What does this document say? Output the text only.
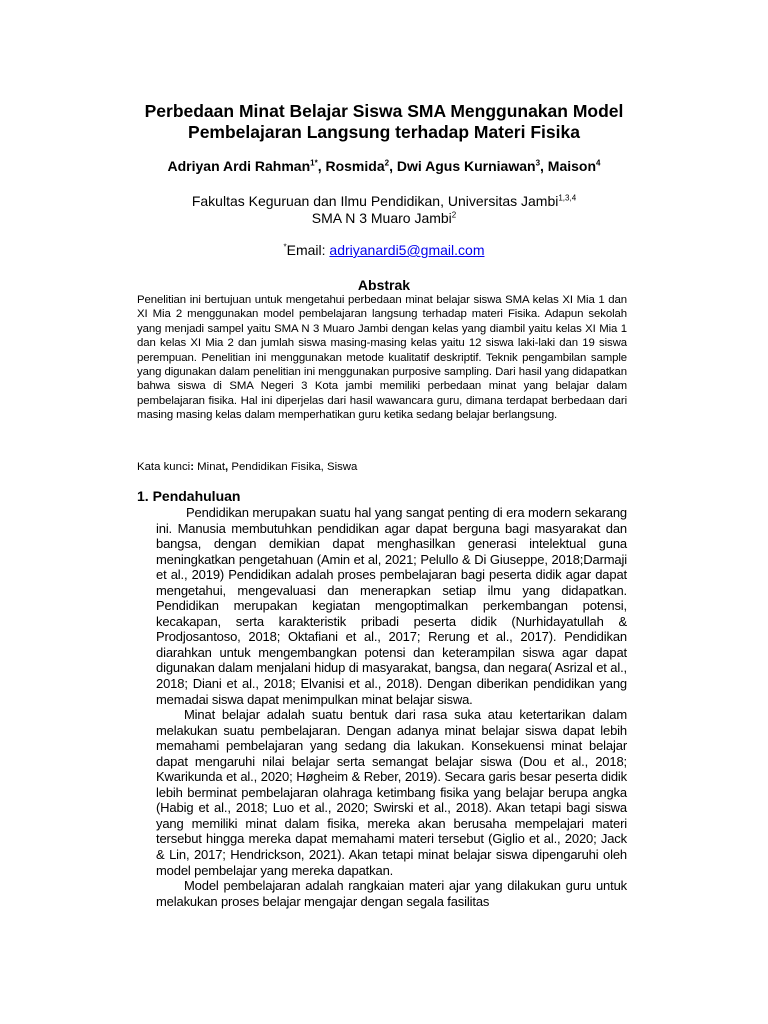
Perbedaan Minat Belajar Siswa SMA Menggunakan Model
Pembelajaran Langsung terhadap Materi Fisika
Adriyan Ardi Rahman$^{1*}$, Rosmida$^2$, Dwi Agus Kurniawan$^3$, Maison$^4$
Fakultas Keguruan dan Ilmu Pendidikan, Universitas Jambi$^{1,3,4}$
SMA N 3 Muaro Jambi$^2$
*Email: adriyanardi5@gmail.com
Abstrak

Penelitian ini bertujuan untuk mengetahui perbedaan minat belajar siswa SMA kelas XI Mia 1 dan XI Mia 2 menggunakan model pembelajaran langsung terhadap materi Fisika. Adapun sekolah yang menjadi sampel yaitu SMA N 3 Muaro Jambi dengan kelas yang diambil yaitu kelas XI Mia 1 dan kelas XI Mia 2 dan jumlah siswa masing-masing kelas yaitu 12 siswa laki-laki dan 19 siswa perempuan. Penelitian ini menggunakan metode kualitatif deskriptif. Teknik pengambilan sample yang digunakan dalam penelitian ini menggunakan purposive sampling. Dari hasil yang didapatkan bahwa siswa di SMA Negeri 3 Kota jambi memiliki perbedaan minat yang belajar dalam pembelajaran fisika. Hal ini diperjelas dari hasil wawancara guru, dimana terdapat berbedaan dari masing masing kelas dalam memperhatikan guru ketika sedang belajar berlangsung.

Kata kunci: Minat, Pendidikan Fisika, Siswa
1. Pendahuluan

Pendidikan merupakan suatu hal yang sangat penting di era modern sekarang ini. Manusia membutuhkan pendidikan agar dapat berguna bagi masyarakat dan bangsa, dengan demikian dapat menghasilkan generasi intelektual guna meningkatkan pengetahuan (Amin et al, 2021; Pelullo & Di Giuseppe, 2018;Darmaji et al., 2019) Pendidikan adalah proses pembelajaran bagi peserta didik agar dapat mengetahui, mengevaluasi dan menerapkan setiap ilmu yang didapatkan. Pendidikan merupakan kegiatan mengoptimalkan perkembangan potensi, kecakapan, serta karakteristik pribadi peserta didik (Nurhidayatullah & Prodjosantoso, 2018; Oktafiani et al., 2017; Rerung et al., 2017). Pendidikan diarahkan untuk mengembangkan potensi dan keterampilan siswa agar dapat digunakan dalam menjalani hidup di masyarakat, bangsa, dan negara( Asrizal et al., 2018; Diani et al., 2018; Elvanisi et al., 2018). Dengan diberikan pendidikan yang memadai siswa dapat menimpulkan minat belajar siswa.

Minat belajar adalah suatu bentuk dari rasa suka atau ketertarikan dalam melakukan suatu pembelajaran. Dengan adanya minat belajar siswa dapat lebih memahami pembelajaran yang sedang dia lakukan. Konsekuensi minat belajar dapat mengaruhi nilai belajar serta semangat belajar siswa (Dou et al., 2018; Kwarikunda et al., 2020; Høgheim & Reber, 2019). Secara garis besar peserta didik lebih berminat pembelajaran olahraga ketimbang fisika yang belajar berupa angka (Habig et al., 2018; Luo et al., 2020; Swirski et al., 2018). Akan tetapi bagi siswa yang memiliki minat dalam fisika, mereka akan berusaha mempelajari materi tersebut hingga mereka dapat memahami materi tersebut (Giglio et al., 2020; Jack & Lin, 2017; Hendrickson, 2021). Akan tetapi minat belajar siswa dipengaruhi oleh model pembelajar yang mereka dapatkan.

Model pembelajaran adalah rangkaian materi ajar yang dilakukan guru untuk melakukan proses belajar mengajar dengan segala fasilitas
